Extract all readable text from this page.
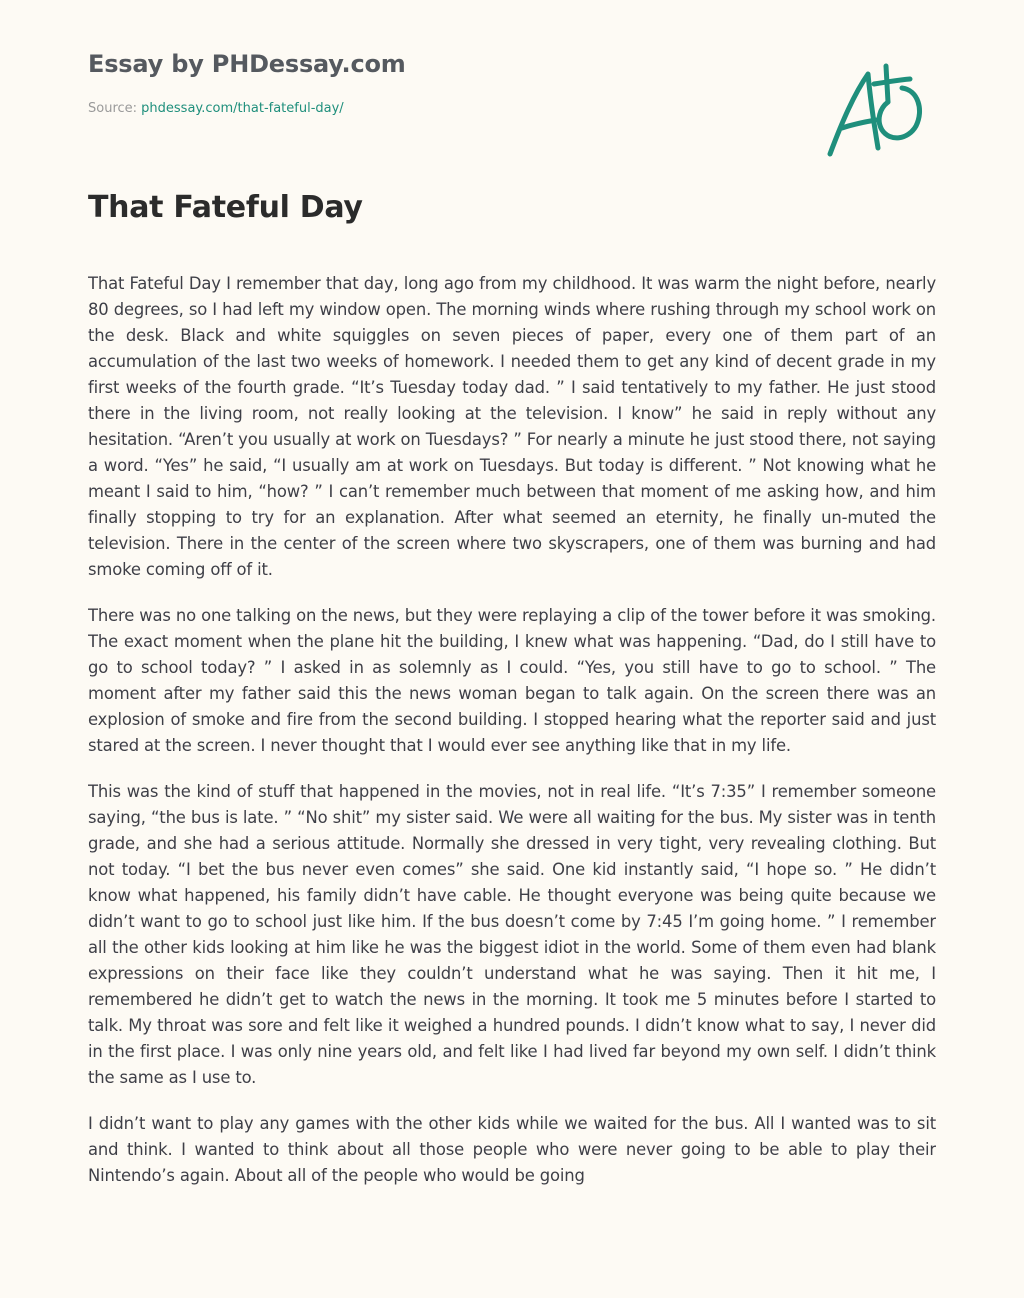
Essay by PHDessay.com
Source: phdessay.com/that-fateful-day/
That Fateful Day

That Fateful Day I remember that day, long ago from my childhood. It was warm the night before, nearly 80 degrees, so I had left my window open. The morning winds where rushing through my school work on the desk. Black and white squiggles on seven pieces of paper, every one of them part of an accumulation of the last two weeks of homework. I needed them to get any kind of decent grade in my first weeks of the fourth grade. “It’s Tuesday today dad. ” I said tentatively to my father. He just stood there in the living room, not really looking at the television. I know” he said in reply without any hesitation. “Aren’t you usually at work on Tuesdays? ” For nearly a minute he just stood there, not saying a word. “Yes” he said, “I usually am at work on Tuesdays. But today is different. ” Not knowing what he meant I said to him, “how? ” I can’t remember much between that moment of me asking how, and him finally stopping to try for an explanation. After what seemed an eternity, he finally un-muted the television. There in the center of the screen where two skyscrapers, one of them was burning and had smoke coming off of it.

There was no one talking on the news, but they were replaying a clip of the tower before it was smoking. The exact moment when the plane hit the building, I knew what was happening. “Dad, do I still have to go to school today? ” I asked in as solemnly as I could. “Yes, you still have to go to school. ” The moment after my father said this the news woman began to talk again. On the screen there was an explosion of smoke and fire from the second building. I stopped hearing what the reporter said and just stared at the screen. I never thought that I would ever see anything like that in my life.

This was the kind of stuff that happened in the movies, not in real life. “It’s 7:35” I remember someone saying, “the bus is late. ” “No shit” my sister said. We were all waiting for the bus. My sister was in tenth grade, and she had a serious attitude. Normally she dressed in very tight, very revealing clothing. But not today. “I bet the bus never even comes” she said. One kid instantly said, “I hope so. ” He didn’t know what happened, his family didn’t have cable. He thought everyone was being quite because we didn’t want to go to school just like him. If the bus doesn’t come by 7:45 I’m going home. ” I remember all the other kids looking at him like he was the biggest idiot in the world. Some of them even had blank expressions on their face like they couldn’t understand what he was saying. Then it hit me, I remembered he didn’t get to watch the news in the morning. It took me 5 minutes before I started to talk. My throat was sore and felt like it weighed a hundred pounds. I didn’t know what to say, I never did in the first place. I was only nine years old, and felt like I had lived far beyond my own self. I didn’t think the same as I use to.

I didn’t want to play any games with the other kids while we waited for the bus. All I wanted was to sit and think. I wanted to think about all those people who were never going to be able to play their Nintendo’s again. About all of the people who would be going
